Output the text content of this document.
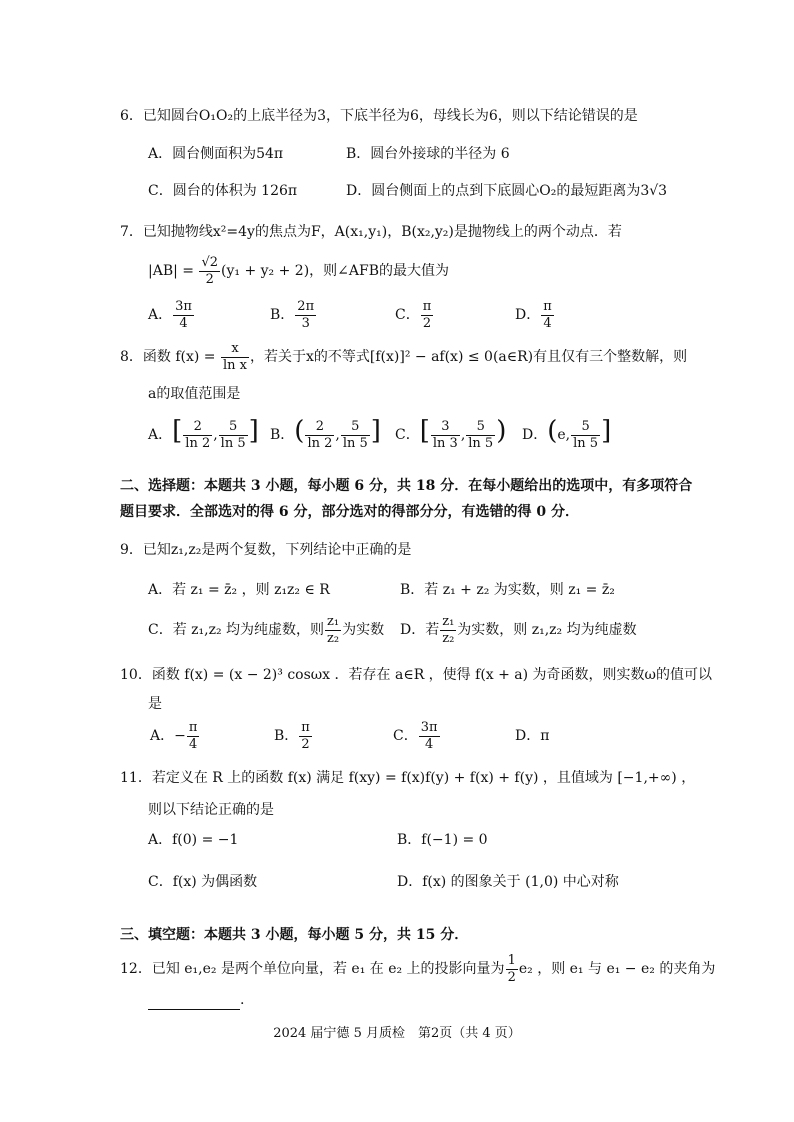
6．已知圆台O₁O₂的上底半径为3，下底半径为6，母线长为6，则以下结论错误的是
A．圆台侧面积为54π	B．圆台外接球的半径为 6
C．圆台的体积为 126π	D．圆台侧面上的点到下底圆心O₂的最短距离为3√3
7．已知抛物线x²=4y的焦点为F，A(x₁,y₁)，B(x₂,y₂)是抛物线上的两个动点．若
$|AB| = \frac{√2}{2} (y_1 + y_2 + 2)$，则∠AFB的最大值为
A． $\frac{3\pi}{4}$	B． $\frac{2\pi}{3}$	C． $\frac{\pi}{2}$	D． $\frac{\pi}{4}$
8．函数 $f(x) = \frac{x}{\text{ln x}}$ ，若关于x的不等式[f(x)]² − af(x) ≤ 0(a∈R)有且仅有三个整数解，则
a的取值范围是
A．[ $\frac{2}{\ln 2}$ , $\frac{5}{\ln 5}$ ] B．( $\frac{2}{\ln 2}$ , $\frac{5}{\ln 5}$ ] C．[ $\frac{3}{\ln 3}$ , $\frac{5}{\ln 5}$ ) D．(e, $\frac{5}{\ln 5}$ ]
二、选择题：本题共 3 小题，每小题 6 分，共 18 分．在每小题给出的选项中，有多项符合
题目要求．全部选对的得 6 分，部分选对的得部分分，有选错的得 0 分．
9．已知z₁,z₂是两个复数，下列结论中正确的是
A．若 z₁ = z̄₂ ，则 z₁z₂ ∈ R	B．若 z₁ + z₂ 为实数，则 z₁ = z̄₂
C．若 z₁,z₂ 均为纯虚数，则 $\frac{\text{z₁}}{\text{z₂}}$ 为实数 D．若 $\frac{\text{z₁}}{\text{z₂}}$ 为实数，则 z₁,z₂ 均为纯虚数
10．函数 f(x) = (x − 2)³ cosωx ．若存在 a∈R ，使得 f(x + a) 为奇函数，则实数ω的值可以
是
A．− $\frac{\pi}{4}$	B． $\frac{\pi}{2}$	C． $\frac{3\pi}{4}$	D．π
11．若定义在 R 上的函数 f(x) 满足 f(xy) = f(x)f(y) + f(x) + f(y) ，且值域为 [−1,+∞) ，
则以下结论正确的是
A．f(0) = −1	B．f(−1) = 0
C．f(x) 为偶函数	D．f(x) 的图象关于 (1,0) 中心对称
三、填空题：本题共 3 小题，每小题 5 分，共 15 分．
12．已知 e₁,e₂ 是两个单位向量，若 e₁ 在 e₂ 上的投影向量为 $\frac{1}{2} e_2$ ，则 e₁ 与 e₁ − e₂ 的夹角为
.
2024 届宁德 5 月质检　第2页（共 4 页）
